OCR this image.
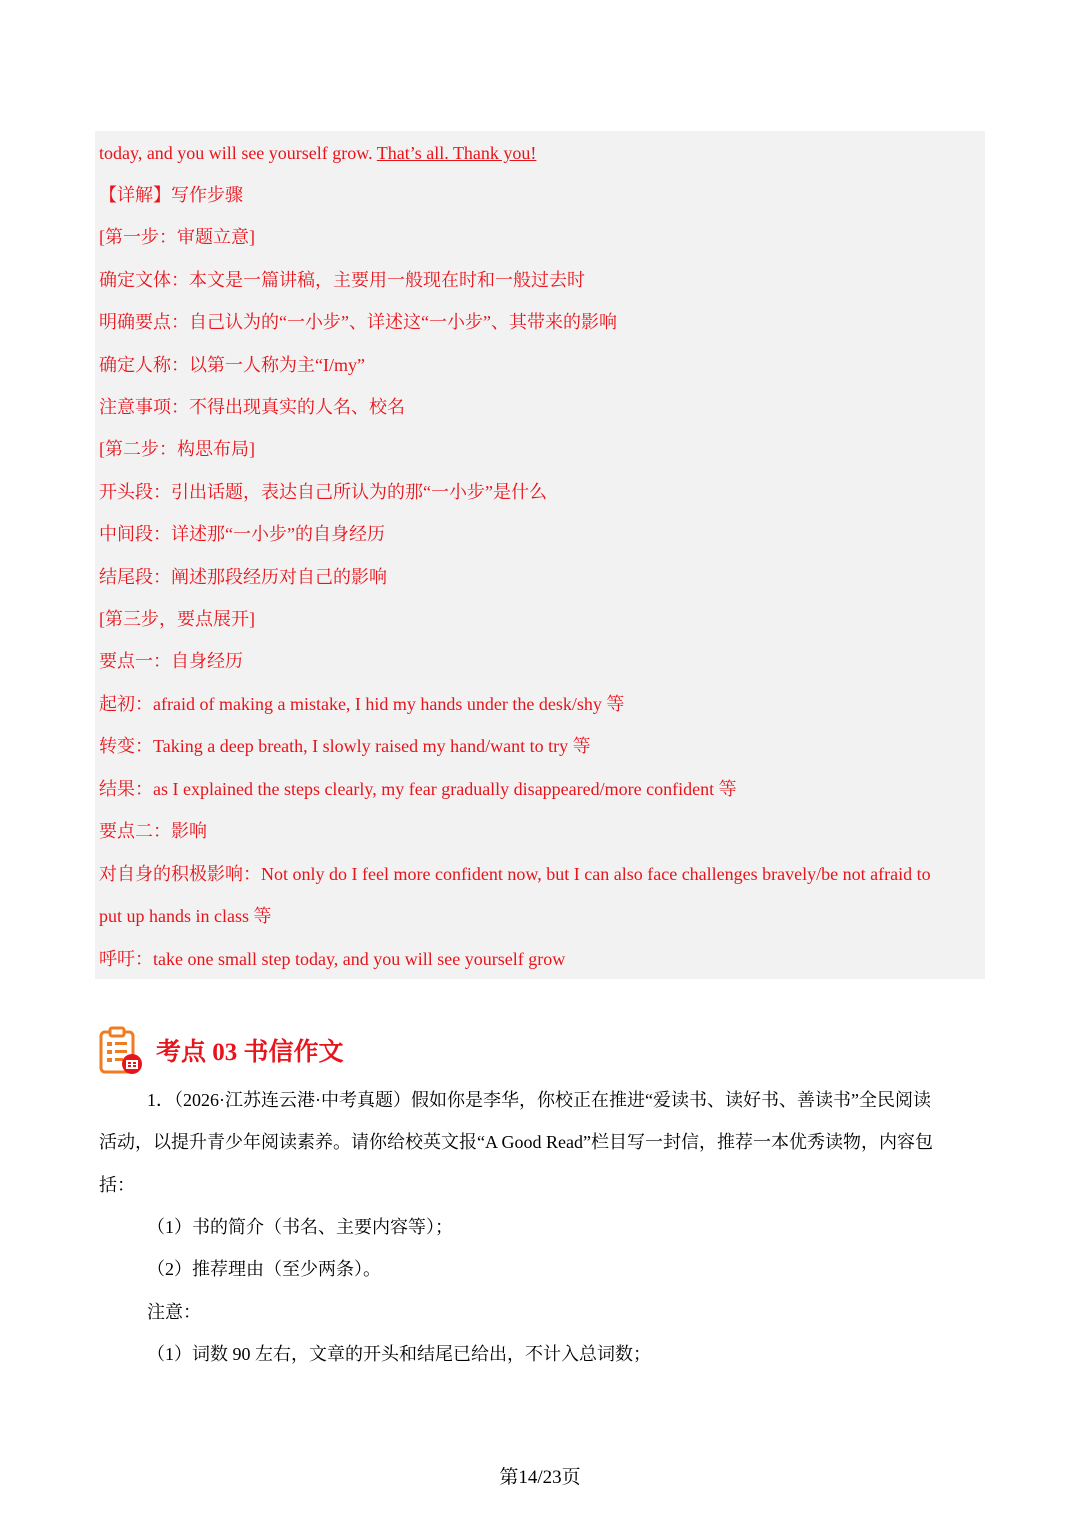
today, and you will see yourself grow. That’s all. Thank you!
【详解】写作步骤
[第一步：审题立意]
确定文体：本文是一篇讲稿，主要用一般现在时和一般过去时
明确要点：自己认为的“一小步”、详述这“一小步”、其带来的影响
确定人称：以第一人称为主“I/my”
注意事项：不得出现真实的人名、校名
[第二步：构思布局]
开头段：引出话题，表达自己所认为的那“一小步”是什么
中间段：详述那“一小步”的自身经历
结尾段：阐述那段经历对自己的影响
[第三步，要点展开]
要点一：自身经历
起初：afraid of making a mistake, I hid my hands under the desk/shy 等
转变：Taking a deep breath, I slowly raised my hand/want to try 等
结果：as I explained the steps clearly, my fear gradually disappeared/more confident 等
要点二：影响
对自身的积极影响：Not only do I feel more confident now, but I can also face challenges bravely/be not afraid to
put up hands in class 等
呼吁：take one small step today, and you will see yourself grow
考点 03 书信作文
1．（2026·江苏连云港·中考真题）假如你是李华，你校正在推进“爱读书、读好书、善读书”全民阅读
活动，以提升青少年阅读素养。请你给校英文报“A Good Read”栏目写一封信，推荐一本优秀读物，内容包
括：
（1）书的简介（书名、主要内容等）；
（2）推荐理由（至少两条）。
注意：
（1）词数 90 左右，文章的开头和结尾已给出，不计入总词数；
第14/23页
